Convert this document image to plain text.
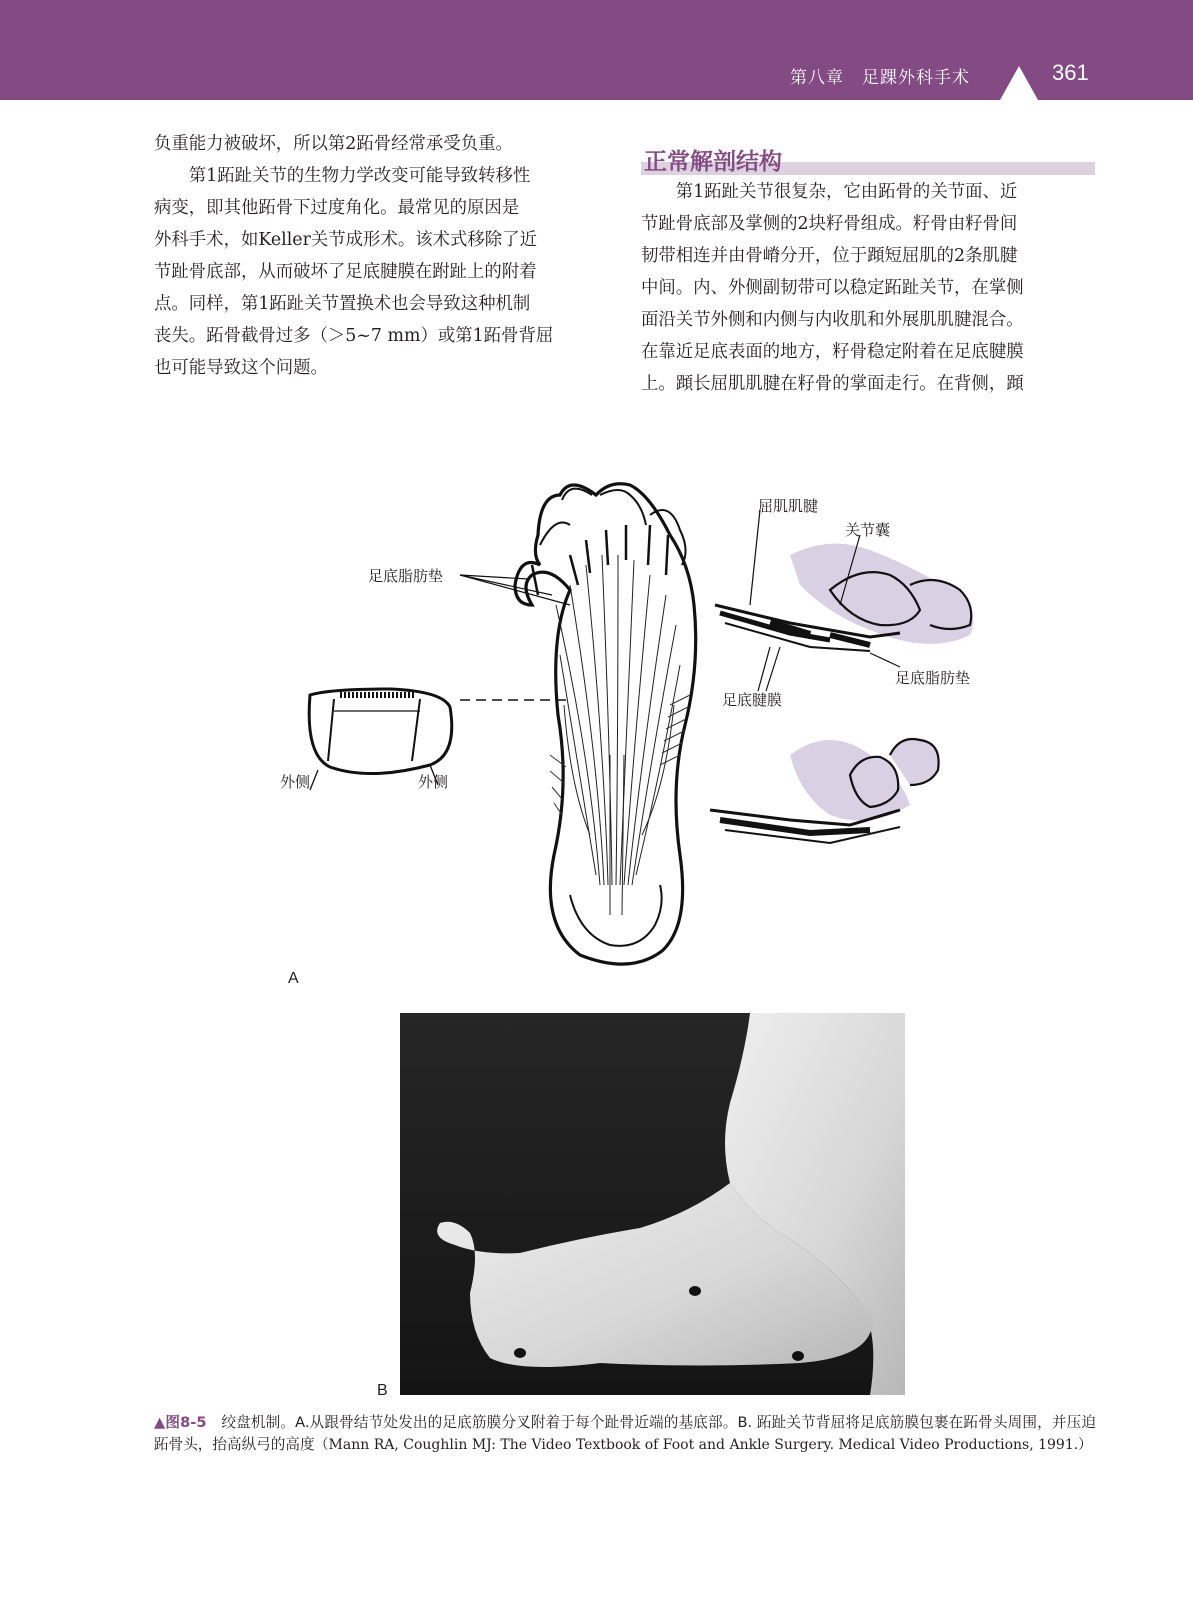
第八章　足踝外科手术	361

负重能力被破坏，所以第2跖骨经常承受负重。

　　第1跖趾关节的生物力学改变可能导致转移性
病变，即其他跖骨下过度角化。最常见的原因是
外科手术，如Keller关节成形术。该术式移除了近
节趾骨底部，从而破坏了足底腱膜在跗趾上的附着
点。同样，第1跖趾关节置换术也会导致这种机制
丧失。跖骨截骨过多（＞5~7 mm）或第1跖骨背屈
也可能导致这个问题。

正常解剖结构

　　第1跖趾关节很复杂，它由跖骨的关节面、近
节趾骨底部及掌侧的2块籽骨组成。籽骨由籽骨间
韧带相连并由骨嵴分开，位于蹞短屈肌的2条肌腱
中间。内、外侧副韧带可以稳定跖趾关节，在掌侧
面沿关节外侧和内侧与内收肌和外展肌肌腱混合。
在靠近足底表面的地方，籽骨稳定附着在足底腱膜
上。蹞长屈肌肌腱在籽骨的掌面走行。在背侧，蹞

足底脂肪垫
外侧	外侧
屈肌肌腱
关节囊
足底脂肪垫
足底腱膜
A
B
▲图8-5　绞盘机制。A.从跟骨结节处发出的足底筋膜分叉附着于每个趾骨近端的基底部。B. 跖趾关节背屈将足底筋膜包裹在跖骨头周围，并压迫跖骨头，抬高纵弓的高度（Mann RA, Coughlin MJ: The Video Textbook of Foot and Ankle Surgery. Medical Video Productions, 1991.）
